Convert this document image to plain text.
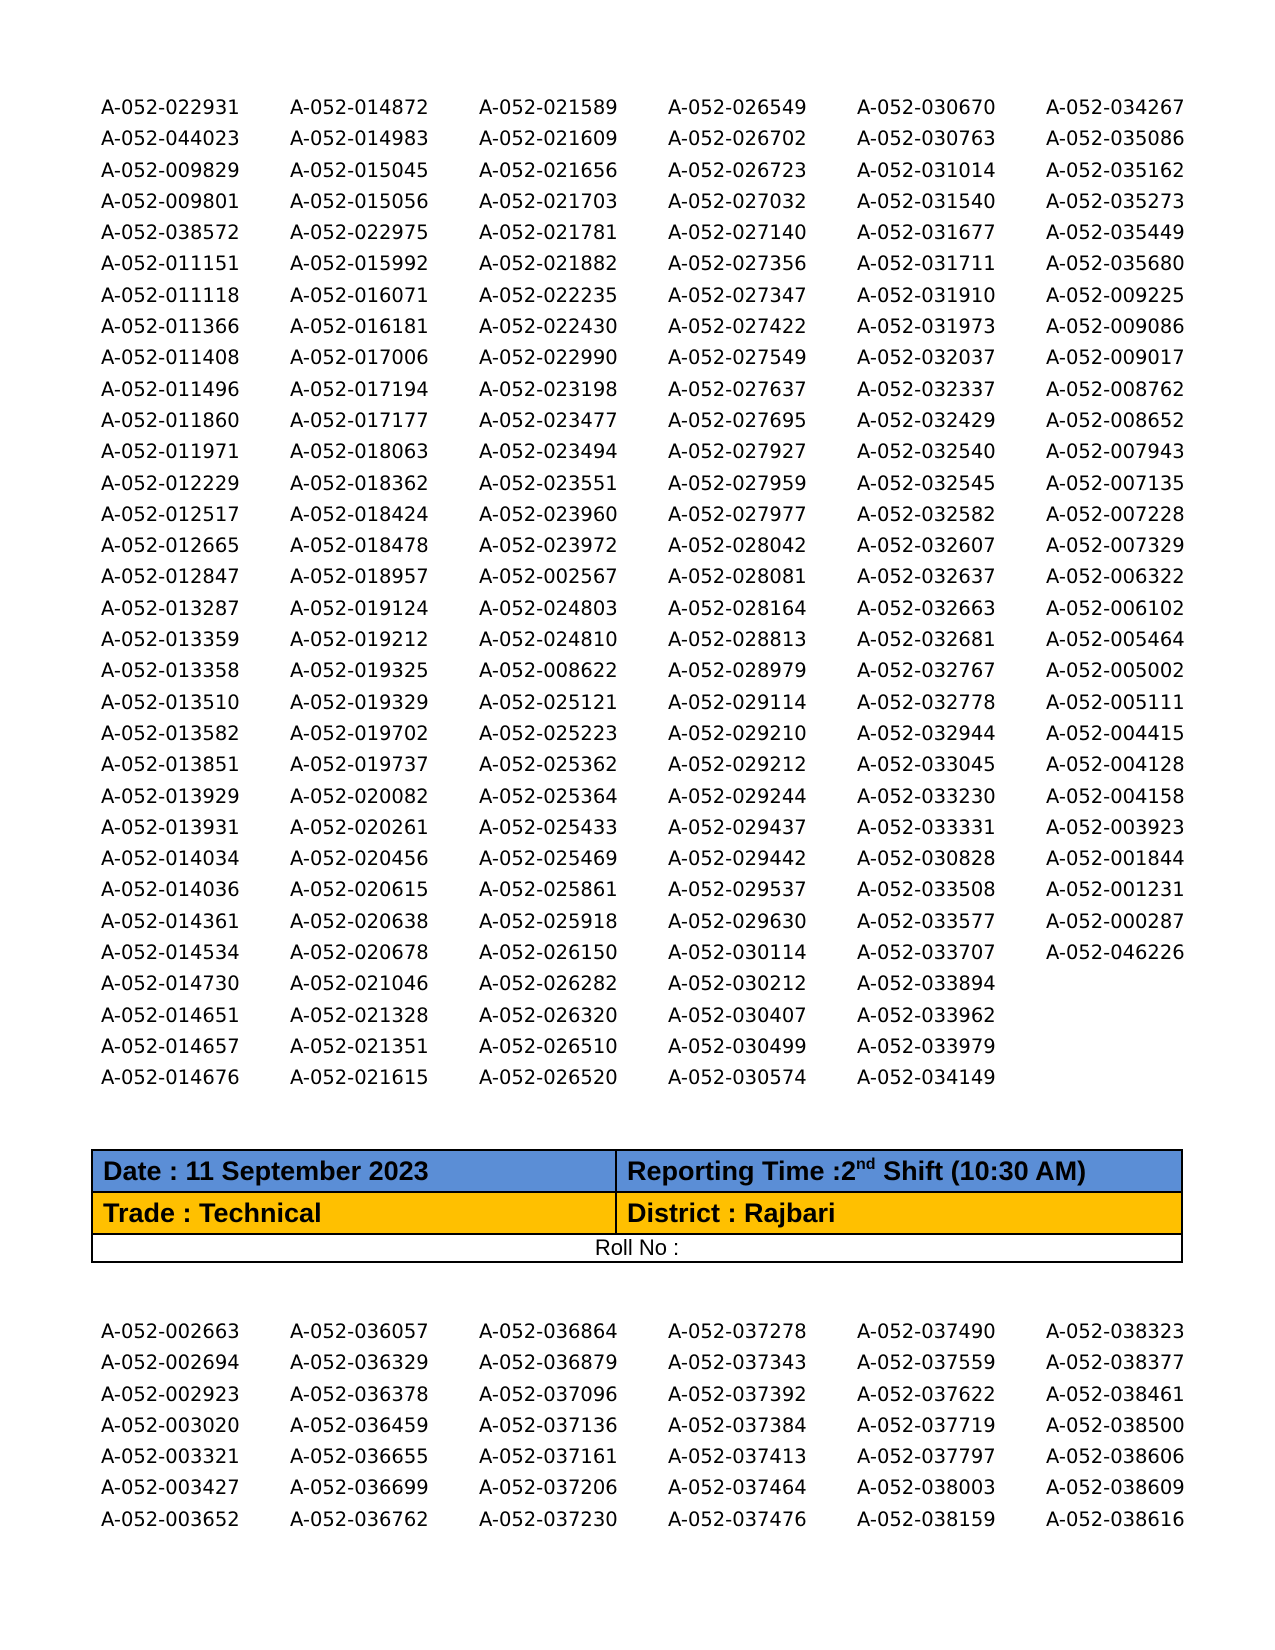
A-052-022931
A-052-044023
A-052-009829
A-052-009801
A-052-038572
A-052-011151
A-052-011118
A-052-011366
A-052-011408
A-052-011496
A-052-011860
A-052-011971
A-052-012229
A-052-012517
A-052-012665
A-052-012847
A-052-013287
A-052-013359
A-052-013358
A-052-013510
A-052-013582
A-052-013851
A-052-013929
A-052-013931
A-052-014034
A-052-014036
A-052-014361
A-052-014534
A-052-014730
A-052-014651
A-052-014657
A-052-014676
A-052-014872
A-052-014983
A-052-015045
A-052-015056
A-052-022975
A-052-015992
A-052-016071
A-052-016181
A-052-017006
A-052-017194
A-052-017177
A-052-018063
A-052-018362
A-052-018424
A-052-018478
A-052-018957
A-052-019124
A-052-019212
A-052-019325
A-052-019329
A-052-019702
A-052-019737
A-052-020082
A-052-020261
A-052-020456
A-052-020615
A-052-020638
A-052-020678
A-052-021046
A-052-021328
A-052-021351
A-052-021615
A-052-021589
A-052-021609
A-052-021656
A-052-021703
A-052-021781
A-052-021882
A-052-022235
A-052-022430
A-052-022990
A-052-023198
A-052-023477
A-052-023494
A-052-023551
A-052-023960
A-052-023972
A-052-002567
A-052-024803
A-052-024810
A-052-008622
A-052-025121
A-052-025223
A-052-025362
A-052-025364
A-052-025433
A-052-025469
A-052-025861
A-052-025918
A-052-026150
A-052-026282
A-052-026320
A-052-026510
A-052-026520
A-052-026549
A-052-026702
A-052-026723
A-052-027032
A-052-027140
A-052-027356
A-052-027347
A-052-027422
A-052-027549
A-052-027637
A-052-027695
A-052-027927
A-052-027959
A-052-027977
A-052-028042
A-052-028081
A-052-028164
A-052-028813
A-052-028979
A-052-029114
A-052-029210
A-052-029212
A-052-029244
A-052-029437
A-052-029442
A-052-029537
A-052-029630
A-052-030114
A-052-030212
A-052-030407
A-052-030499
A-052-030574
A-052-030670
A-052-030763
A-052-031014
A-052-031540
A-052-031677
A-052-031711
A-052-031910
A-052-031973
A-052-032037
A-052-032337
A-052-032429
A-052-032540
A-052-032545
A-052-032582
A-052-032607
A-052-032637
A-052-032663
A-052-032681
A-052-032767
A-052-032778
A-052-032944
A-052-033045
A-052-033230
A-052-033331
A-052-030828
A-052-033508
A-052-033577
A-052-033707
A-052-033894
A-052-033962
A-052-033979
A-052-034149
A-052-034267
A-052-035086
A-052-035162
A-052-035273
A-052-035449
A-052-035680
A-052-009225
A-052-009086
A-052-009017
A-052-008762
A-052-008652
A-052-007943
A-052-007135
A-052-007228
A-052-007329
A-052-006322
A-052-006102
A-052-005464
A-052-005002
A-052-005111
A-052-004415
A-052-004128
A-052-004158
A-052-003923
A-052-001844
A-052-001231
A-052-000287
A-052-046226
Date : 11 September 2023	Reporting Time :2nd Shift (10:30 AM)
Trade : Technical	District : Rajbari
Roll No :
A-052-002663
A-052-002694
A-052-002923
A-052-003020
A-052-003321
A-052-003427
A-052-003652
A-052-036057
A-052-036329
A-052-036378
A-052-036459
A-052-036655
A-052-036699
A-052-036762
A-052-036864
A-052-036879
A-052-037096
A-052-037136
A-052-037161
A-052-037206
A-052-037230
A-052-037278
A-052-037343
A-052-037392
A-052-037384
A-052-037413
A-052-037464
A-052-037476
A-052-037490
A-052-037559
A-052-037622
A-052-037719
A-052-037797
A-052-038003
A-052-038159
A-052-038323
A-052-038377
A-052-038461
A-052-038500
A-052-038606
A-052-038609
A-052-038616
